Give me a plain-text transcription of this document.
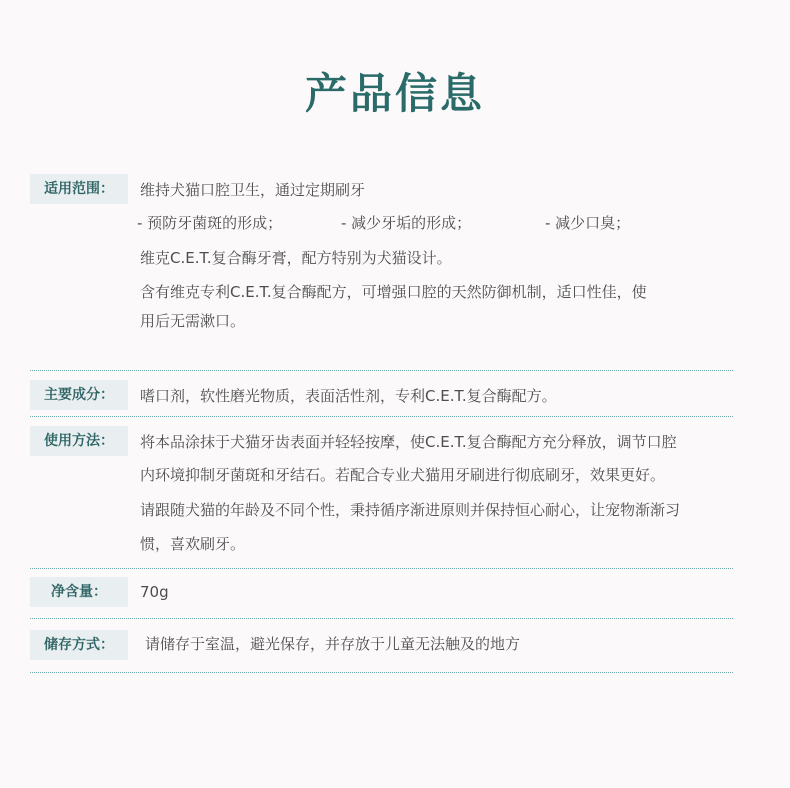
产品信息
适用范围：	维持犬猫口腔卫生，通过定期刷牙
- 预防牙菌斑的形成；	- 减少牙垢的形成；	- 减少口臭；
维克C.E.T.复合酶牙膏，配方特别为犬猫设计。
含有维克专利C.E.T.复合酶配方，可增强口腔的天然防御机制，适口性佳，使
用后无需漱口。
主要成分：	嗜口剂，软性磨光物质，表面活性剂，专利C.E.T.复合酶配方。
使用方法：	将本品涂抹于犬猫牙齿表面并轻轻按摩，使C.E.T.复合酶配方充分释放，调节口腔
内环境抑制牙菌斑和牙结石。若配合专业犬猫用牙刷进行彻底刷牙，效果更好。
请跟随犬猫的年龄及不同个性，秉持循序渐进原则并保持恒心耐心，让宠物渐渐习
惯，喜欢刷牙。
净含量：	70g
储存方式：	请储存于室温，避光保存，并存放于儿童无法触及的地方
